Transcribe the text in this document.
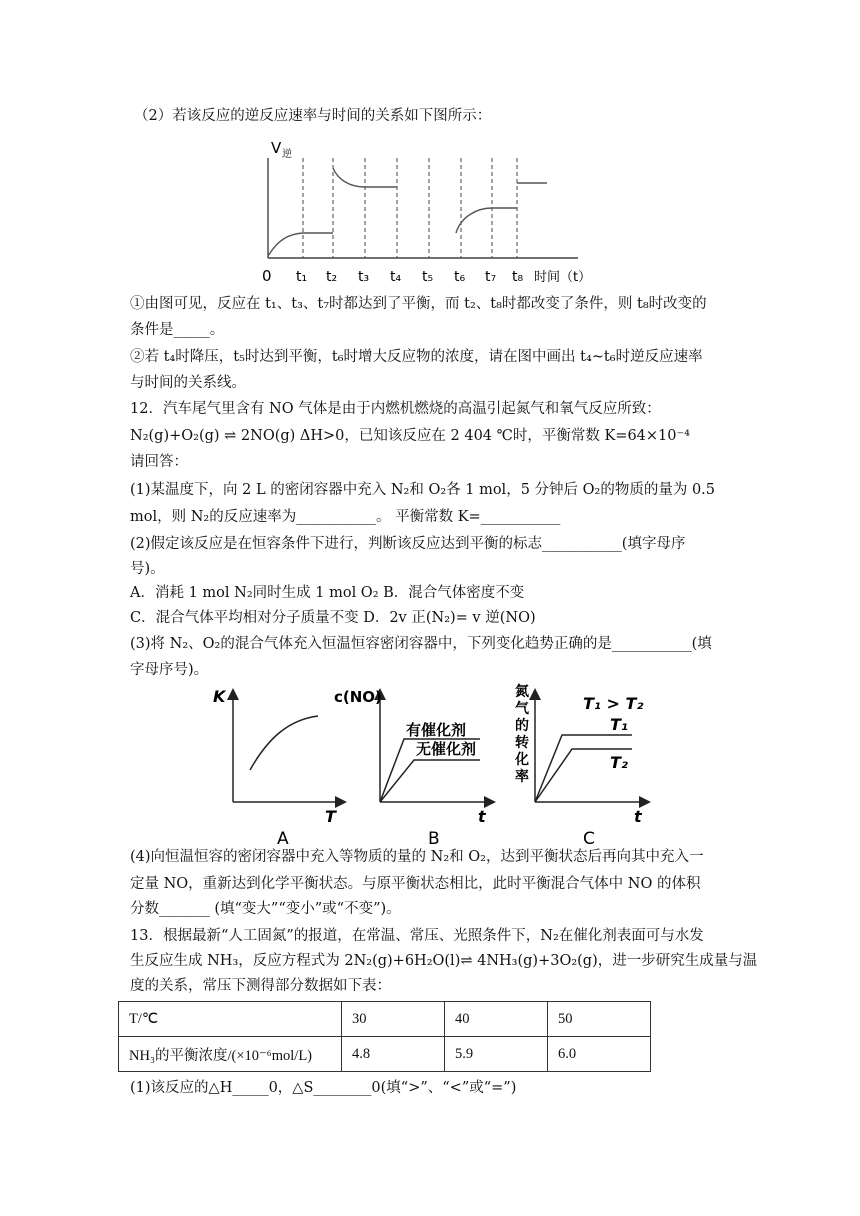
（2）若该反应的逆反应速率与时间的关系如下图所示：
V 逆
0 t₁ t₂ t₃ t₄ t₅ t₆ t₇ t₈ 时间（t）
①由图可见，反应在 t₁、t₃、t₇时都达到了平衡，而 t₂、t₈时都改变了条件，则 t₈时改变的
条件是_____。
②若 t₄时降压，t₅时达到平衡，t₆时增大反应物的浓度，请在图中画出 t₄~t₆时逆反应速率
与时间的关系线。
12．汽车尾气里含有 NO 气体是由于内燃机燃烧的高温引起氮气和氧气反应所致：
N₂(g)+O₂(g) ⇌ 2NO(g) ΔH>0，已知该反应在 2 404 ℃时，平衡常数 K=64×10⁻⁴
请回答：
(1)某温度下，向 2 L 的密闭容器中充入 N₂和 O₂各 1 mol，5 分钟后 O₂的物质的量为 0.5
mol，则 N₂的反应速率为___________。 平衡常数 K=___________
(2)假定该反应是在恒容条件下进行，判断该反应达到平衡的标志___________(填字母序
号)。
A．消耗 1 mol N₂同时生成 1 mol O₂ B．混合气体密度不变
C．混合气体平均相对分子质量不变 D．2v 正(N₂)= v 逆(NO)
(3)将 N₂、O₂的混合气体充入恒温恒容密闭容器中，下列变化趋势正确的是___________(填
字母序号)。
K
T
A
c(NO)
有催化剂
无催化剂
t
B
氮
气
的
转
化
率
T₁ > T₂
T₁
T₂
t
C
(4)向恒温恒容的密闭容器中充入等物质的量的 N₂和 O₂，达到平衡状态后再向其中充入一
定量 NO，重新达到化学平衡状态。与原平衡状态相比，此时平衡混合气体中 NO 的体积
分数_______ (填“变大”“变小”或“不变”)。
13．根据最新“人工固氮”的报道，在常温、常压、光照条件下，N₂在催化剂表面可与水发
生反应生成 NH₃，反应方程式为 2N₂(g)+6H₂O(l)⇌ 4NH₃(g)+3O₂(g)，进一步研究生成量与温
度的关系，常压下测得部分数据如下表：
T/℃	30	40	50
NH₃的平衡浓度/(×10⁻⁶mol/L)	4.8	5.9	6.0
(1)该反应的△H_____0，△S________0(填“>”、“<”或“=”)
